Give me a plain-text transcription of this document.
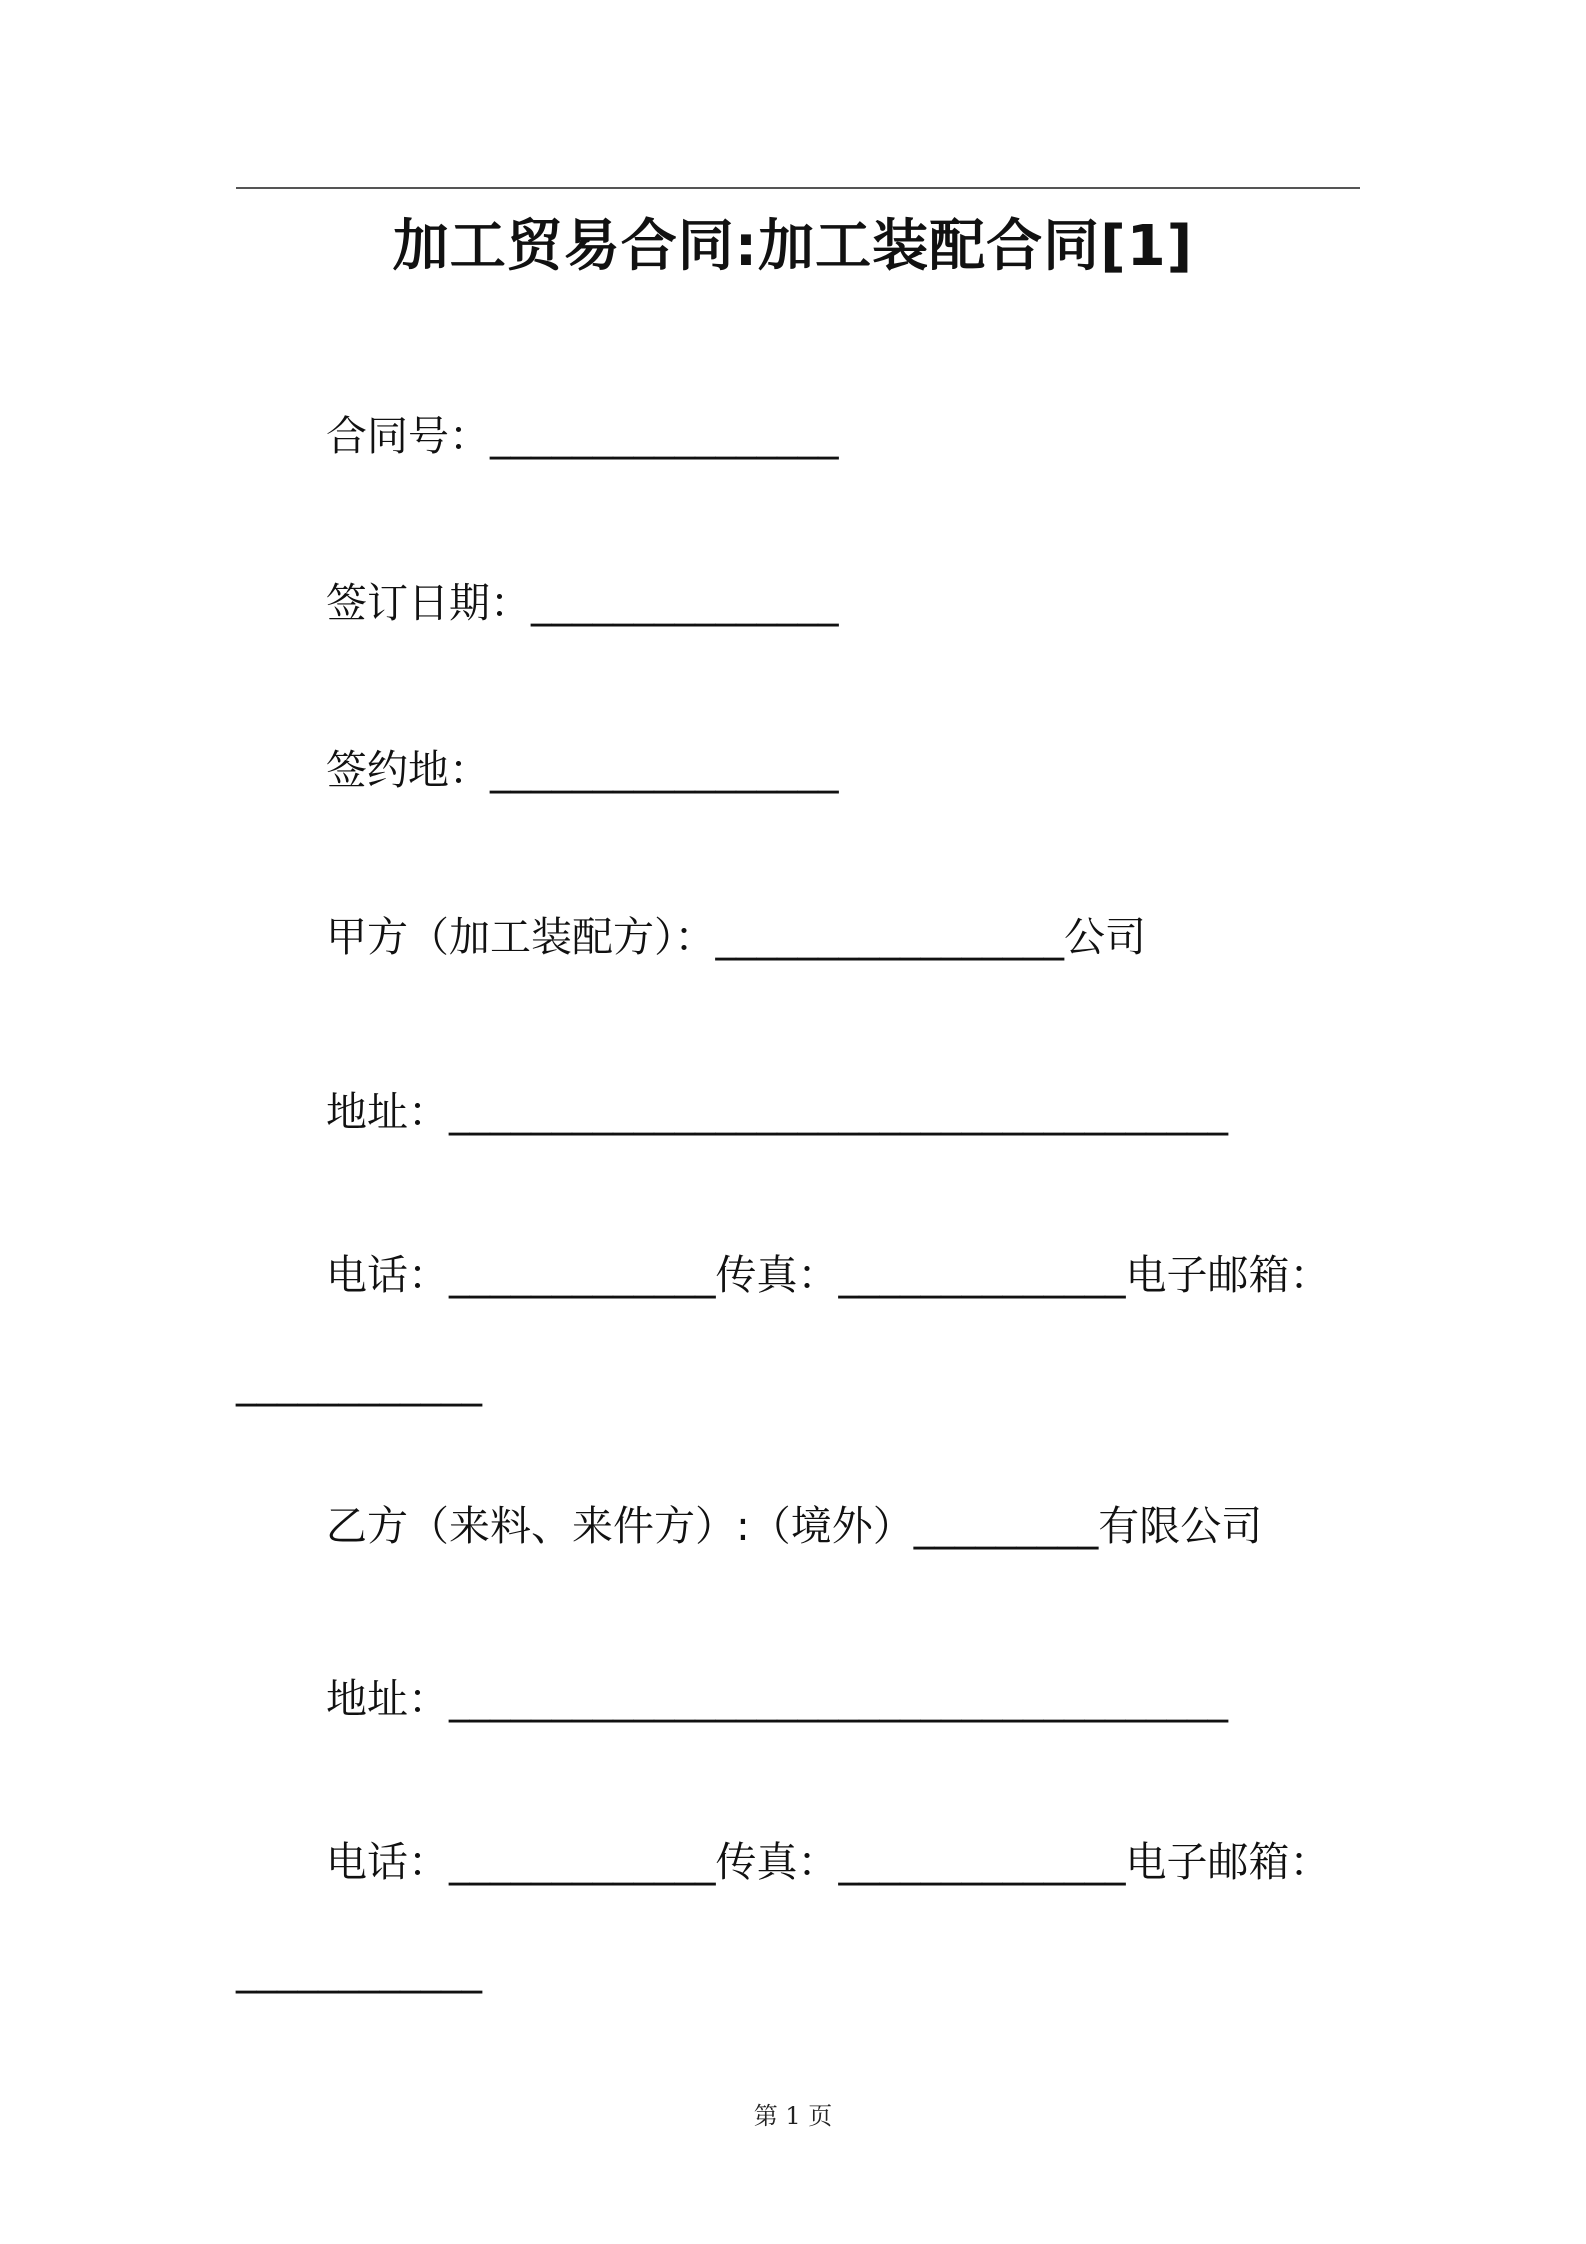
加工贸易合同:加工装配合同[1]
合同号：_________________
签订日期：_______________
签约地：_________________
甲方（加工装配方）：_________________公司
地址：______________________________________
电话：_____________传真：______________电子邮箱：
____________
乙方（来料、来件方）:（境外）_________有限公司
地址：______________________________________
电话：_____________传真：______________电子邮箱：
____________
第 1 页
